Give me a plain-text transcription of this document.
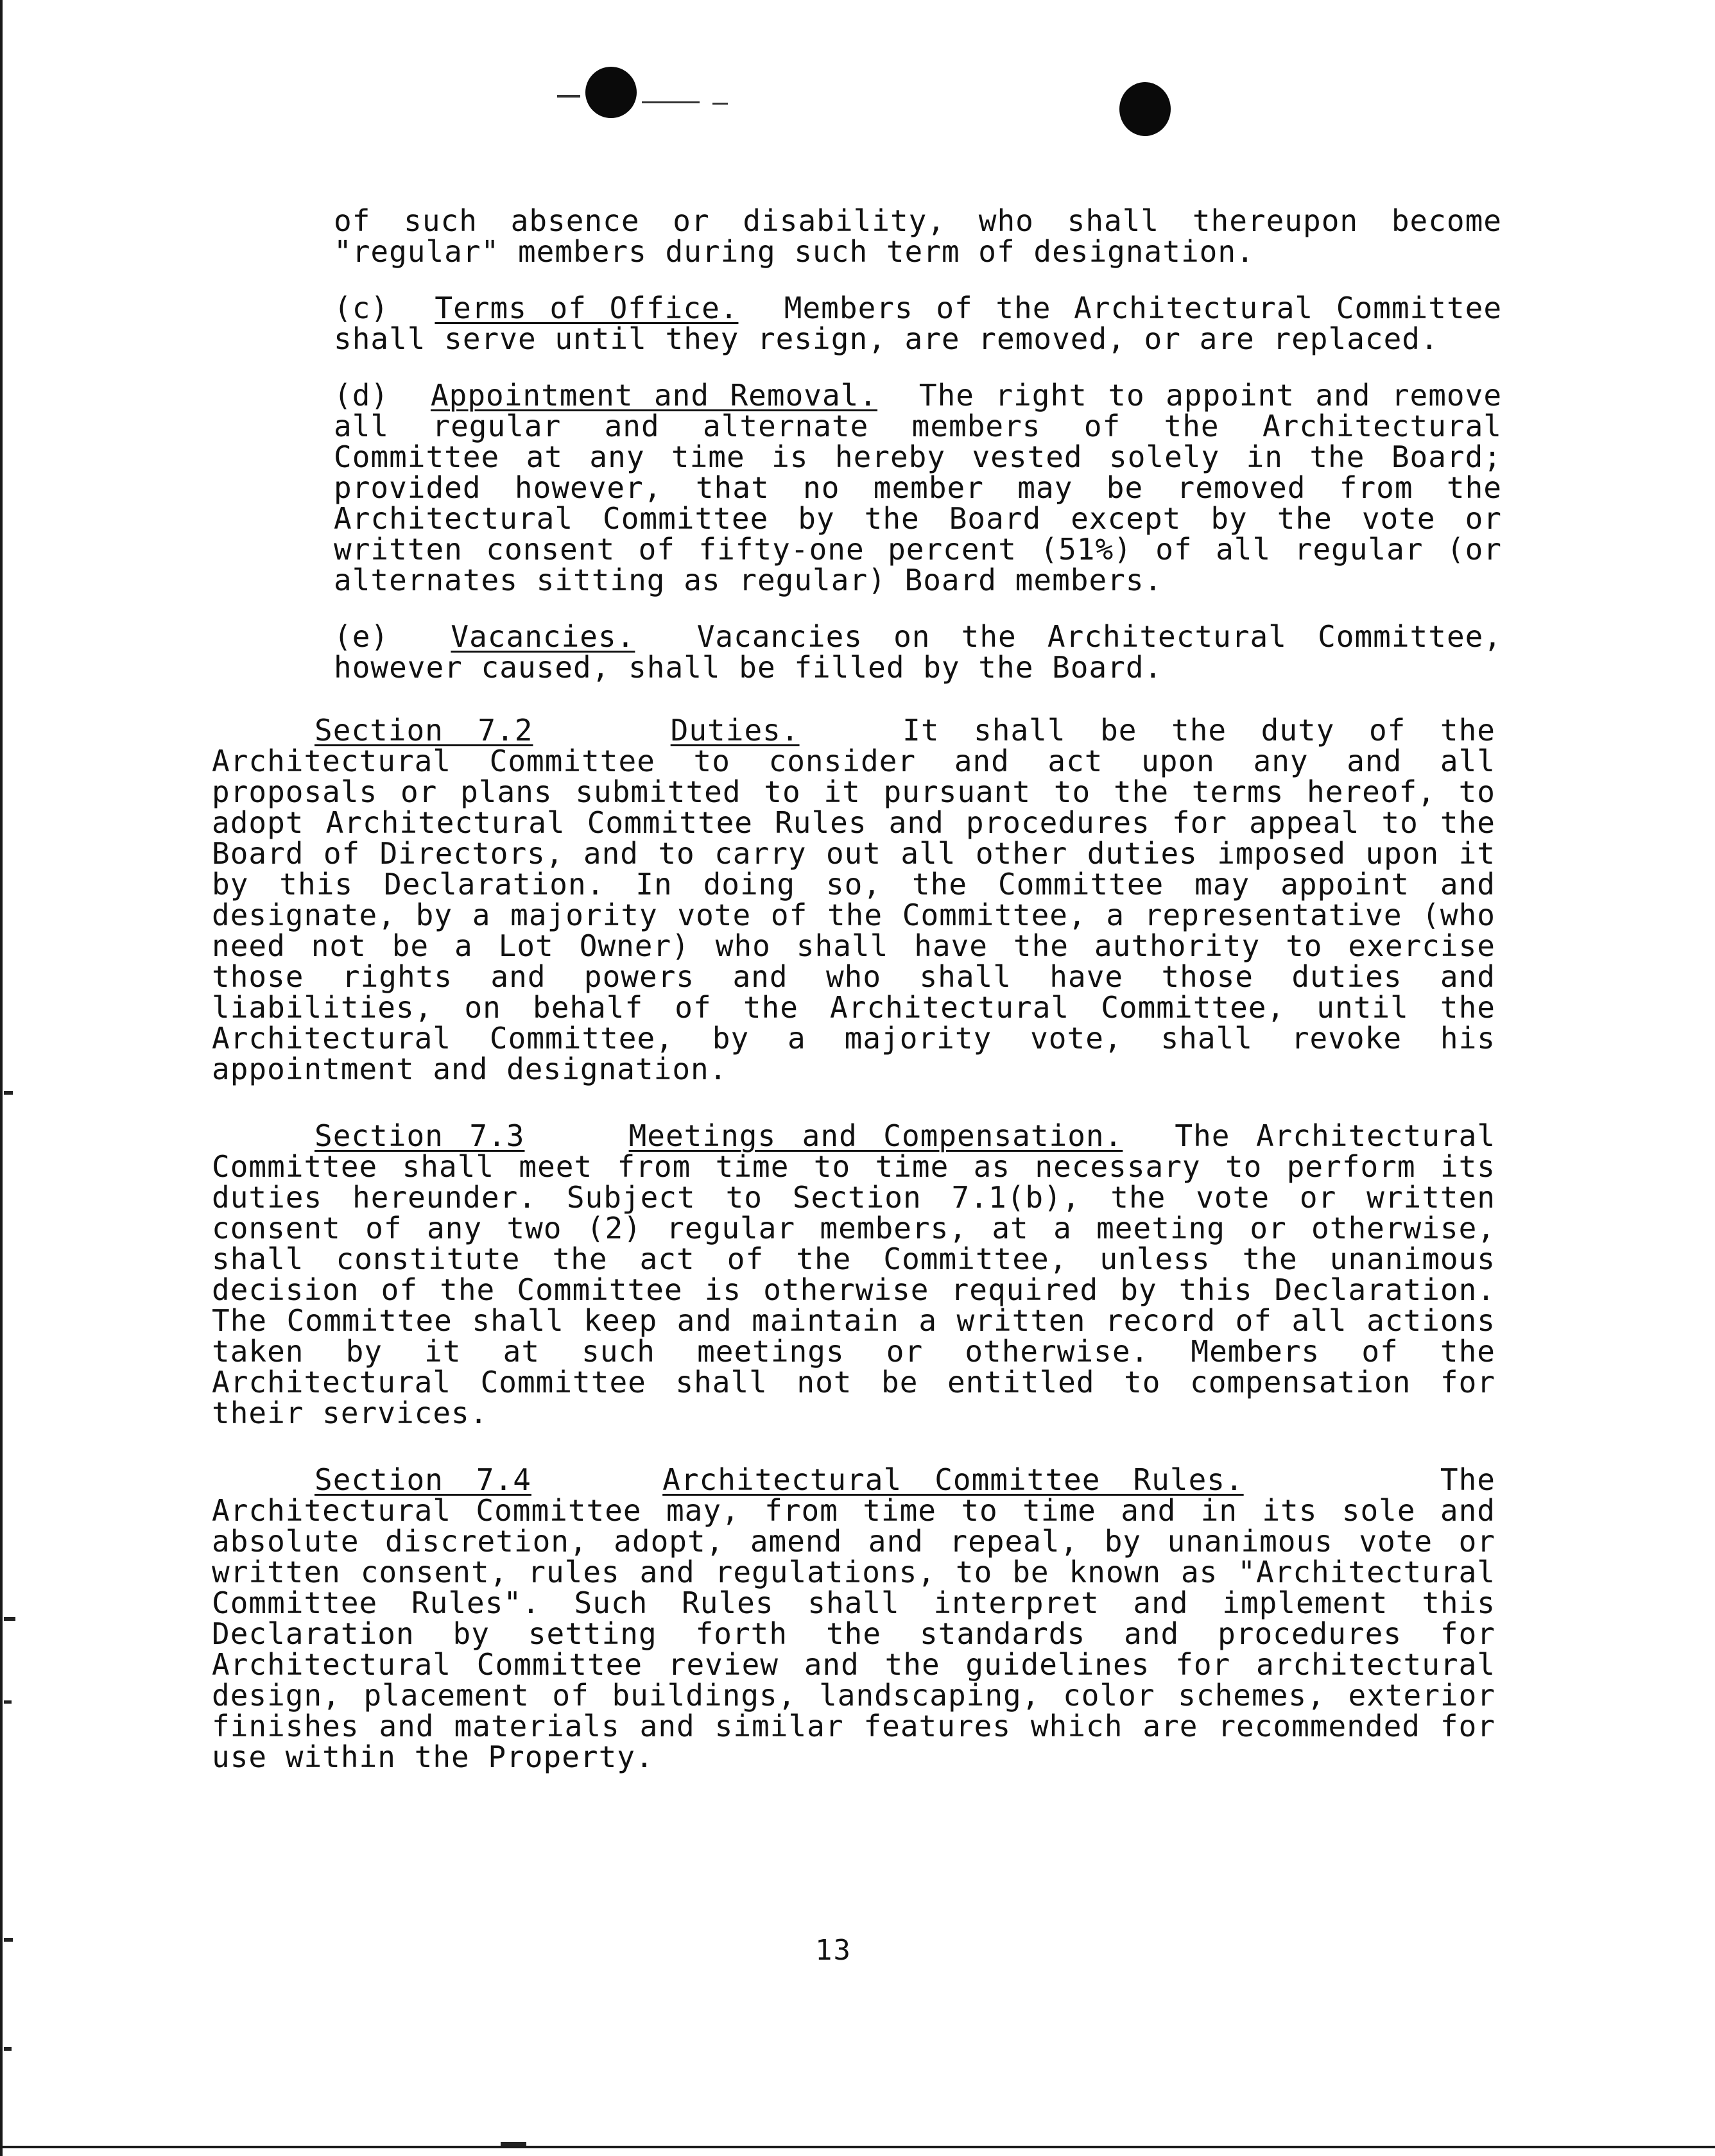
of such absence or disability, who shall thereupon become "regular" members during such term of designation.

(c) Terms of Office. Members of the Architectural Committee shall serve until they resign, are removed, or are replaced.

(d) Appointment and Removal. The right to appoint and remove all regular and alternate members of the Architectural Committee at any time is hereby vested solely in the Board; provided however, that no member may be removed from the Architectural Committee by the Board except by the vote or written consent of fifty-one percent (51%) of all regular (or alternates sitting as regular) Board members.

(e) Vacancies. Vacancies on the Architectural Committee, however caused, shall be filled by the Board.

Section 7.2	Duties.	It shall be the duty of the Architectural Committee to consider and act upon any and all proposals or plans submitted to it pursuant to the terms hereof, to adopt Architectural Committee Rules and procedures for appeal to the Board of Directors, and to carry out all other duties imposed upon it by this Declaration. In doing so, the Committee may appoint and designate, by a majority vote of the Committee, a representative (who need not be a Lot Owner) who shall have the authority to exercise those rights and powers and who shall have those duties and liabilities, on behalf of the Architectural Committee, until the Architectural Committee, by a majority vote, shall revoke his appointment and designation.

Section 7.3	Meetings and Compensation. The Architectural Committee shall meet from time to time as necessary to perform its duties hereunder. Subject to Section 7.1(b), the vote or written consent of any two (2) regular members, at a meeting or otherwise, shall constitute the act of the Committee, unless the unanimous decision of the Committee is otherwise required by this Declaration. The Committee shall keep and maintain a written record of all actions taken by it at such meetings or otherwise. Members of the Architectural Committee shall not be entitled to compensation for their services.

Section 7.4	Architectural Committee Rules.	The Architectural Committee may, from time to time and in its sole and absolute discretion, adopt, amend and repeal, by unanimous vote or written consent, rules and regulations, to be known as "Architectural Committee Rules". Such Rules shall interpret and implement this Declaration by setting forth the standards and procedures for Architectural Committee review and the guidelines for architectural design, placement of buildings, landscaping, color schemes, exterior finishes and materials and similar features which are recommended for use within the Property.

13
